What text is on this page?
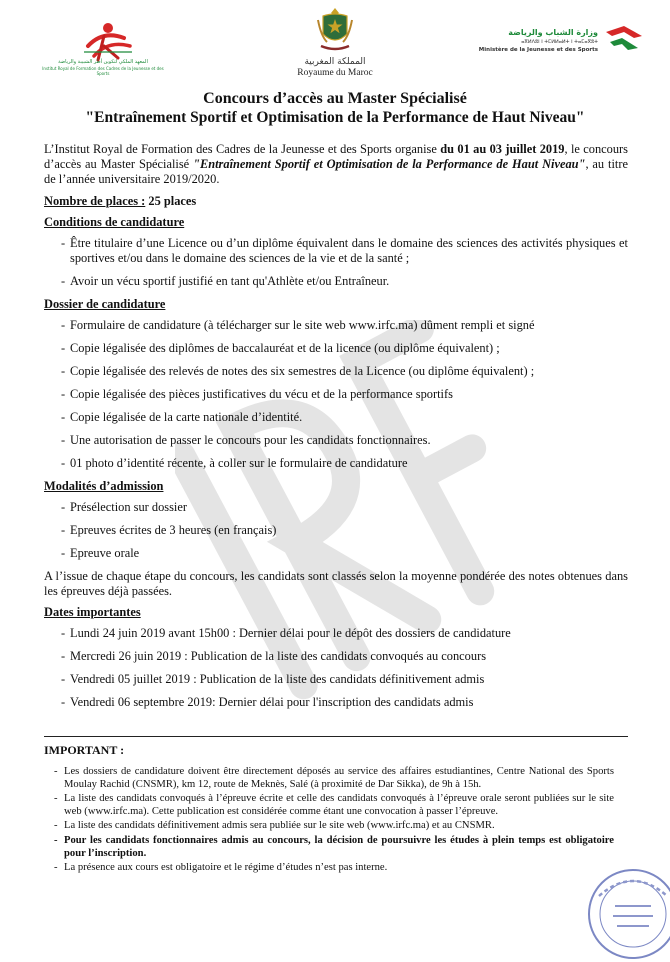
المعهد الملكي لتكوين أطر الشبيبة والرياضة
Institut Royal de Formation des Cadres de la Jeunesse et des Sports
المملكة المغربية
Royaume du Maroc
وزارة الشباب والرياضة
ⴰⴳⵍⴷⵓⵏ ⵏ ⵜⵎⵍⵍⴰⵍⵜ ⵏ ⵜⴰⵎⴰⴳⵓⵜ
Ministère de la Jeunesse et des Sports
Concours d’accès au Master Spécialisé
"Entraînement Sportif et Optimisation de la Performance de Haut Niveau"

L’Institut Royal de Formation des Cadres de la Jeunesse et des Sports organise du 01 au 03 juillet 2019, le concours d’accès au Master Spécialisé "Entraînement Sportif et Optimisation de la Performance de Haut Niveau", au titre de l’année universitaire 2019/2020.

Nombre de places : 25 places
Conditions de candidature
- Être titulaire d’une Licence ou d’un diplôme équivalent dans le domaine des sciences des activités physiques et sportives et/ou dans le domaine des sciences de la vie et de la santé ;
- Avoir un vécu sportif justifié en tant qu'Athlète et/ou Entraîneur.
Dossier de candidature
- Formulaire de candidature (à télécharger sur le site web www.irfc.ma) dûment rempli et signé
- Copie légalisée des diplômes de baccalauréat et de la licence (ou diplôme équivalent) ;
- Copie légalisée des relevés de notes des six semestres de la Licence (ou diplôme équivalent) ;
- Copie légalisée des pièces justificatives du vécu et de la performance sportifs
- Copie légalisée de la carte nationale d’identité.
- Une autorisation de passer le concours pour les candidats fonctionnaires.
- 01 photo d’identité récente, à coller sur le formulaire de candidature
Modalités d’admission
- Présélection sur dossier
- Epreuves écrites de 3 heures (en français)
- Epreuve orale

A l’issue de chaque étape du concours, les candidats sont classés selon la moyenne pondérée des notes obtenues dans les épreuves déjà passées.

Dates importantes
- Lundi 24 juin 2019 avant 15h00 : Dernier délai pour le dépôt des dossiers de candidature
- Mercredi 26 juin 2019 : Publication de la liste des candidats convoqués au concours
- Vendredi 05 juillet 2019 : Publication de la liste des candidats définitivement admis
- Vendredi 06 septembre 2019: Dernier délai pour l'inscription des candidats admis
IMPORTANT :
- Les dossiers de candidature doivent être directement déposés au service des affaires estudiantines, Centre National des Sports Moulay Rachid (CNSMR), km 12, route de Meknès, Salé (à proximité de Dar Sikka), de 9h à 15h.
- La liste des candidats convoqués à l’épreuve écrite et celle des candidats convoqués à l’épreuve orale seront publiées sur le site web (www.irfc.ma). Cette publication est considérée comme étant une convocation à passer l’épreuve.
- La liste des candidats définitivement admis sera publiée sur le site web (www.irfc.ma) et au CNSMR.
- Pour les candidats fonctionnaires admis au concours, la décision de poursuivre les études à plein temps est obligatoire pour l’inscription.
- La présence aux cours est obligatoire et le régime d’études n’est pas interne.
